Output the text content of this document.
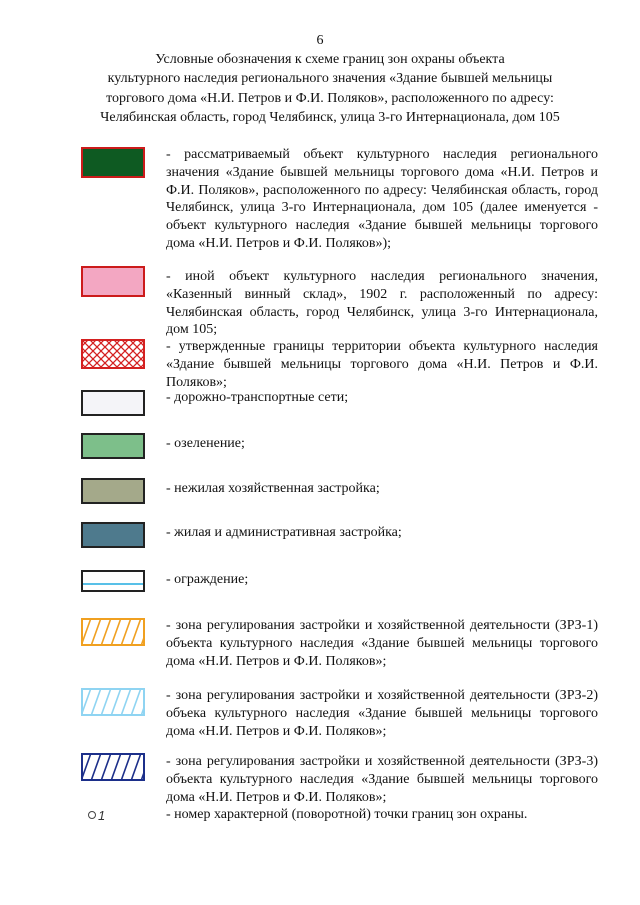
6
Условные обозначения к схеме границ зон охраны объекта
культурного наследия регионального значения «Здание бывшей мельницы
торгового дома «Н.И. Петров и Ф.И. Поляков», расположенного по адресу:
Челябинская область, город Челябинск, улица 3-го Интернационала, дом 105
1
- рассматриваемый объект культурного наследия регионального значения «Здание бывшей мельницы торгового дома «Н.И. Петров и Ф.И. Поляков», расположенного по адресу: Челябинская область, город Челябинск, улица 3-го Интернационала, дом 105 (далее именуется - объект культурного наследия «Здание бывшей мельницы торгового дома «Н.И. Петров и Ф.И. Поляков»);
- иной объект культурного наследия регионального значения, «Казенный винный склад», 1902 г. расположенный по адресу: Челябинская область, город Челябинск, улица 3-го Интернационала, дом 105;
- утвержденные границы территории объекта культурного наследия «Здание бывшей мельницы торгового дома «Н.И. Петров и Ф.И. Поляков»;
- дорожно-транспортные сети;
- озеленение;
- нежилая хозяйственная застройка;
- жилая и административная застройка;
- ограждение;
- зона регулирования застройки и хозяйственной деятельности (ЗРЗ-1) объекта культурного наследия «Здание бывшей мельницы торгового дома «Н.И. Петров и Ф.И. Поляков»;
- зона регулирования застройки и хозяйственной деятельности (ЗРЗ-2) объека культурного наследия «Здание бывшей мельницы торгового дома «Н.И. Петров и Ф.И. Поляков»;
- зона регулирования застройки и хозяйственной деятельности (ЗРЗ-3) объекта культурного наследия «Здание бывшей мельницы торгового дома «Н.И. Петров и Ф.И. Поляков»;
- номер характерной (поворотной) точки границ зон охраны.
